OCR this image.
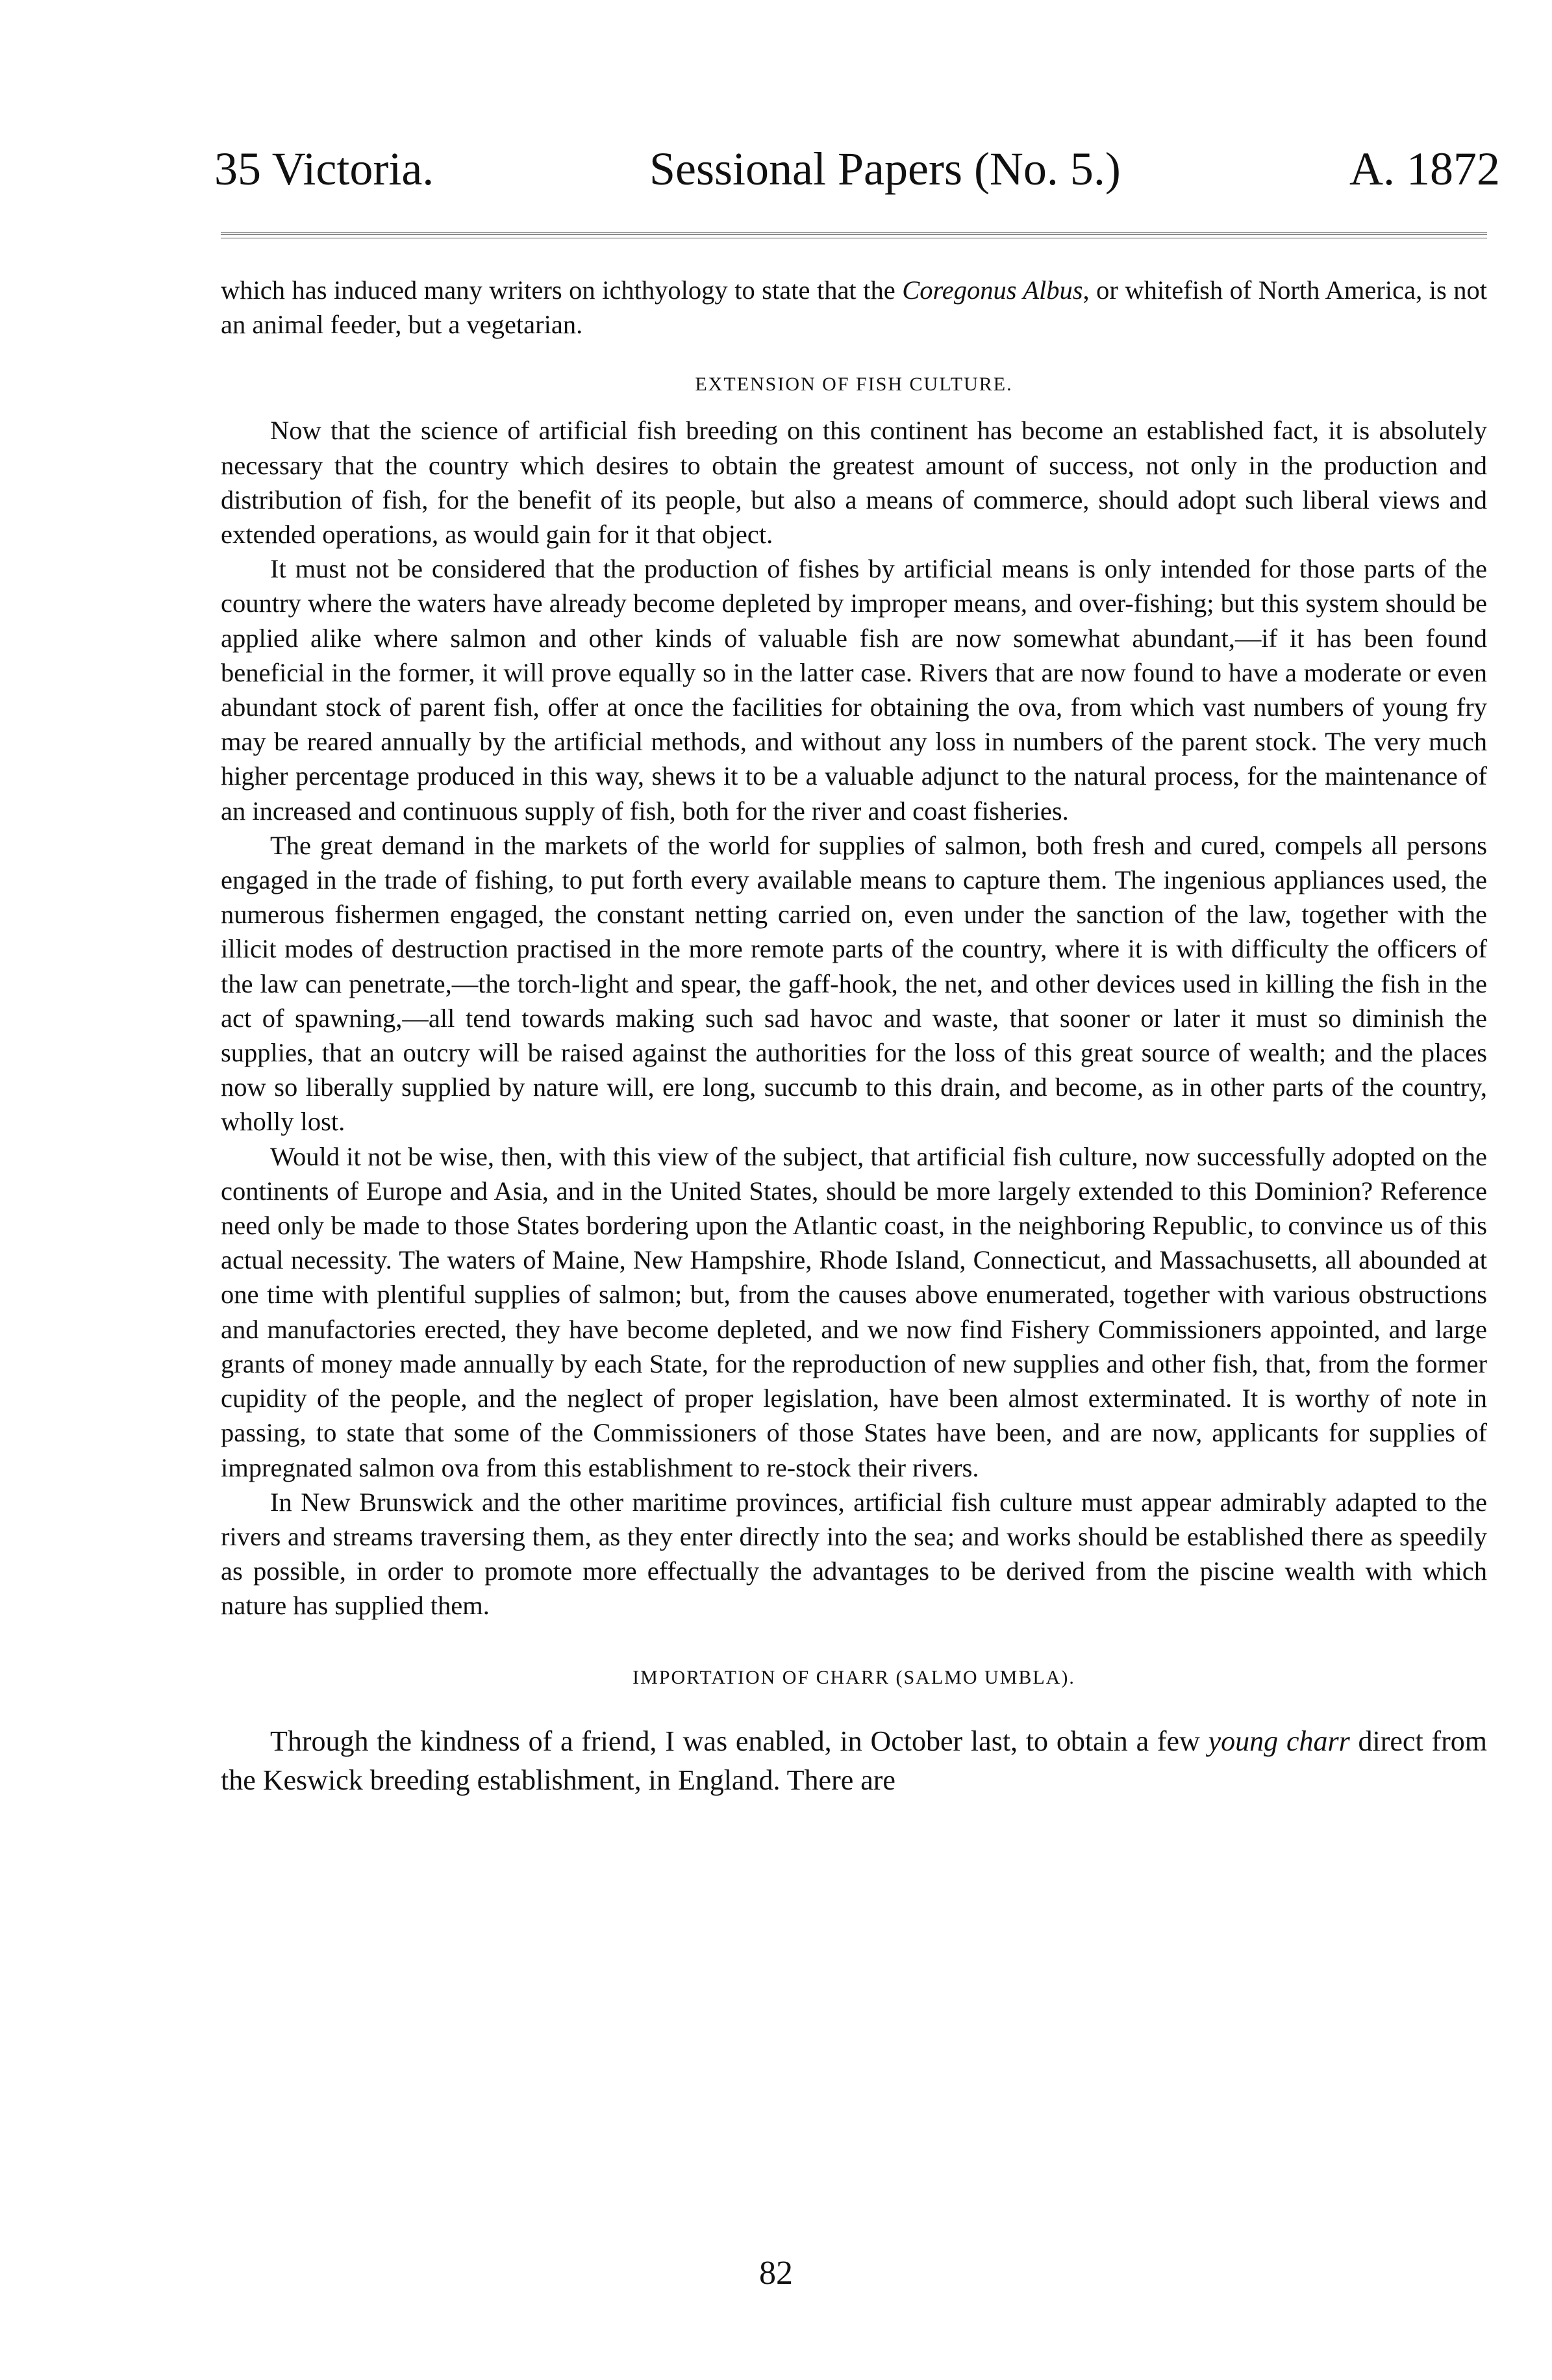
35 Victoria.	Sessional Papers (No. 5.)	A. 1872

which has induced many writers on ichthyology to state that the Coregonus Albus, or whitefish of North America, is not an animal feeder, but a vegetarian.

EXTENSION OF FISH CULTURE.

Now that the science of artificial fish breeding on this continent has become an established fact, it is absolutely necessary that the country which desires to obtain the greatest amount of success, not only in the production and distribution of fish, for the benefit of its people, but also a means of commerce, should adopt such liberal views and extended operations, as would gain for it that object.

It must not be considered that the production of fishes by artificial means is only intended for those parts of the country where the waters have already become depleted by improper means, and over-fishing; but this system should be applied alike where salmon and other kinds of valuable fish are now somewhat abundant,—if it has been found beneficial in the former, it will prove equally so in the latter case. Rivers that are now found to have a moderate or even abundant stock of parent fish, offer at once the facilities for obtaining the ova, from which vast numbers of young fry may be reared annually by the artificial methods, and without any loss in numbers of the parent stock. The very much higher percentage produced in this way, shews it to be a valuable adjunct to the natural process, for the maintenance of an increased and continuous supply of fish, both for the river and coast fisheries.

The great demand in the markets of the world for supplies of salmon, both fresh and cured, compels all persons engaged in the trade of fishing, to put forth every available means to capture them. The ingenious appliances used, the numerous fishermen engaged, the constant netting carried on, even under the sanction of the law, together with the illicit modes of destruction practised in the more remote parts of the country, where it is with difficulty the officers of the law can penetrate,—the torch-light and spear, the gaff-hook, the net, and other devices used in killing the fish in the act of spawning,—all tend towards making such sad havoc and waste, that sooner or later it must so diminish the supplies, that an outcry will be raised against the authorities for the loss of this great source of wealth; and the places now so liberally supplied by nature will, ere long, succumb to this drain, and become, as in other parts of the country, wholly lost.

Would it not be wise, then, with this view of the subject, that artificial fish culture, now successfully adopted on the continents of Europe and Asia, and in the United States, should be more largely extended to this Dominion? Reference need only be made to those States bordering upon the Atlantic coast, in the neighboring Republic, to convince us of this actual necessity. The waters of Maine, New Hampshire, Rhode Island, Connecticut, and Massachusetts, all abounded at one time with plentiful supplies of salmon; but, from the causes above enumerated, together with various obstructions and manufactories erected, they have become depleted, and we now find Fishery Commissioners appointed, and large grants of money made annually by each State, for the reproduction of new supplies and other fish, that, from the former cupidity of the people, and the neglect of proper legislation, have been almost exterminated. It is worthy of note in passing, to state that some of the Commissioners of those States have been, and are now, applicants for supplies of impregnated salmon ova from this establishment to re-stock their rivers.

In New Brunswick and the other maritime provinces, artificial fish culture must appear admirably adapted to the rivers and streams traversing them, as they enter directly into the sea; and works should be established there as speedily as possible, in order to promote more effectually the advantages to be derived from the piscine wealth with which nature has supplied them.

IMPORTATION OF CHARR (SALMO UMBLA).

Through the kindness of a friend, I was enabled, in October last, to obtain a few young charr direct from the Keswick breeding establishment, in England. There are

82
